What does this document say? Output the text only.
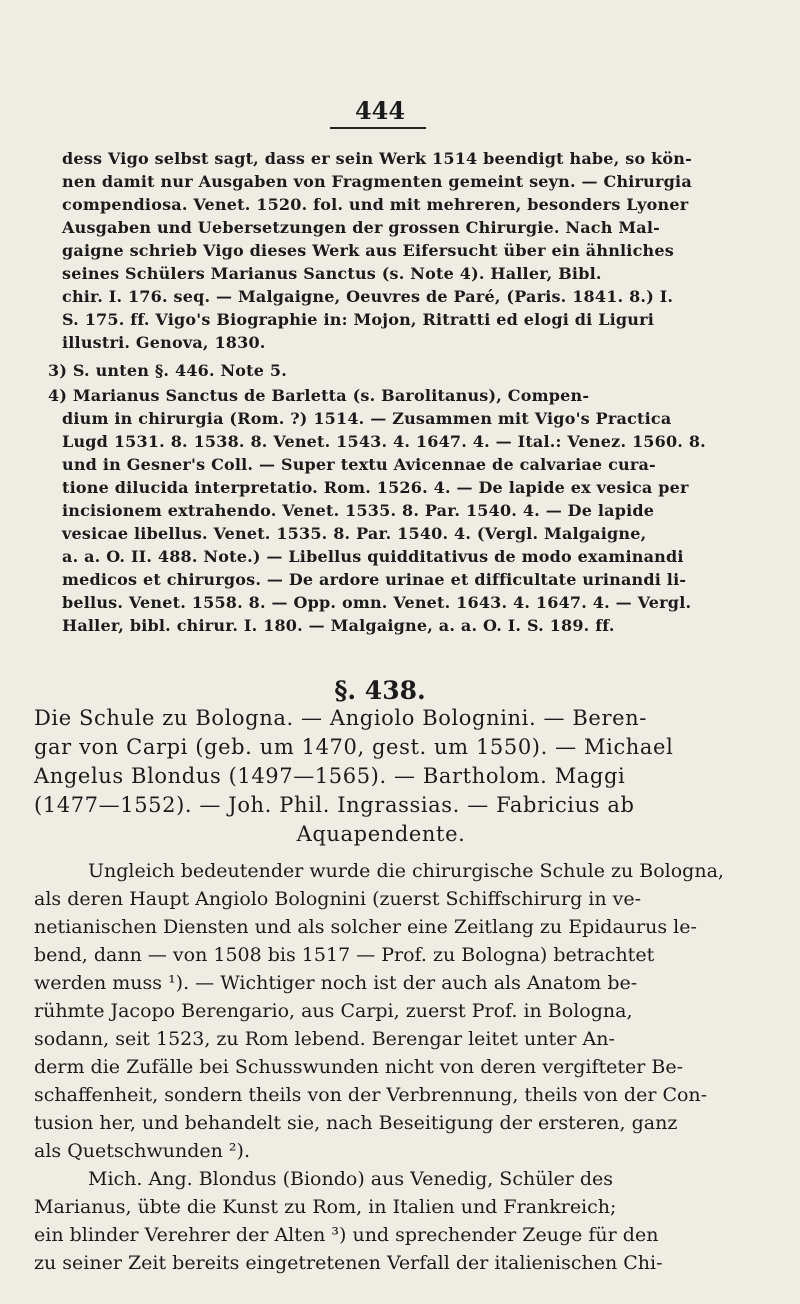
444
dess Vigo selbst sagt, dass er sein Werk 1514 beendigt habe, so kön-
nen damit nur Ausgaben von Fragmenten gemeint seyn. — Chirurgia
compendiosa. Venet. 1520. fol. und mit mehreren, besonders Lyoner
Ausgaben und Uebersetzungen der grossen Chirurgie. Nach Mal-
gaigne schrieb Vigo dieses Werk aus Eifersucht über ein ähnliches
seines Schülers Marianus Sanctus (s. Note 4). Haller, Bibl.
chir. I. 176. seq. — Malgaigne, Oeuvres de Paré, (Paris. 1841. 8.) I.
S. 175. ff. Vigo's Biographie in: Mojon, Ritratti ed elogi di Liguri
illustri. Genova, 1830.
3) S. unten §. 446. Note 5.
4) Marianus Sanctus de Barletta (s. Barolitanus), Compen-
dium in chirurgia (Rom. ?) 1514. — Zusammen mit Vigo's Practica
Lugd 1531. 8. 1538. 8. Venet. 1543. 4. 1647. 4. — Ital.: Venez. 1560. 8.
und in Gesner's Coll. — Super textu Avicennae de calvariae cura-
tione dilucida interpretatio. Rom. 1526. 4. — De lapide ex vesica per
incisionem extrahendo. Venet. 1535. 8. Par. 1540. 4. — De lapide
vesicae libellus. Venet. 1535. 8. Par. 1540. 4. (Vergl. Malgaigne,
a. a. O. II. 488. Note.) — Libellus quidditativus de modo examinandi
medicos et chirurgos. — De ardore urinae et difficultate urinandi li-
bellus. Venet. 1558. 8. — Opp. omn. Venet. 1643. 4. 1647. 4. — Vergl.
Haller, bibl. chirur. I. 180. — Malgaigne, a. a. O. I. S. 189. ff.
§. 438.
Die Schule zu Bologna. — Angiolo Bolognini. — Beren-
gar von Carpi (geb. um 1470, gest. um 1550). — Michael
Angelus Blondus (1497—1565). — Bartholom. Maggi
(1477—1552). — Joh. Phil. Ingrassias. — Fabricius ab
Aquapendente.
Ungleich bedeutender wurde die chirurgische Schule zu Bologna,
als deren Haupt Angiolo Bolognini (zuerst Schiffschirurg in ve-
netianischen Diensten und als solcher eine Zeitlang zu Epidaurus le-
bend, dann — von 1508 bis 1517 — Prof. zu Bologna) betrachtet
werden muss ¹). — Wichtiger noch ist der auch als Anatom be-
rühmte Jacopo Berengario, aus Carpi, zuerst Prof. in Bologna,
sodann, seit 1523, zu Rom lebend. Berengar leitet unter An-
derm die Zufälle bei Schusswunden nicht von deren vergifteter Be-
schaffenheit, sondern theils von der Verbrennung, theils von der Con-
tusion her, und behandelt sie, nach Beseitigung der ersteren, ganz
als Quetschwunden ²).
Mich. Ang. Blondus (Biondo) aus Venedig, Schüler des
Marianus, übte die Kunst zu Rom, in Italien und Frankreich;
ein blinder Verehrer der Alten ³) und sprechender Zeuge für den
zu seiner Zeit bereits eingetretenen Verfall der italienischen Chi-
